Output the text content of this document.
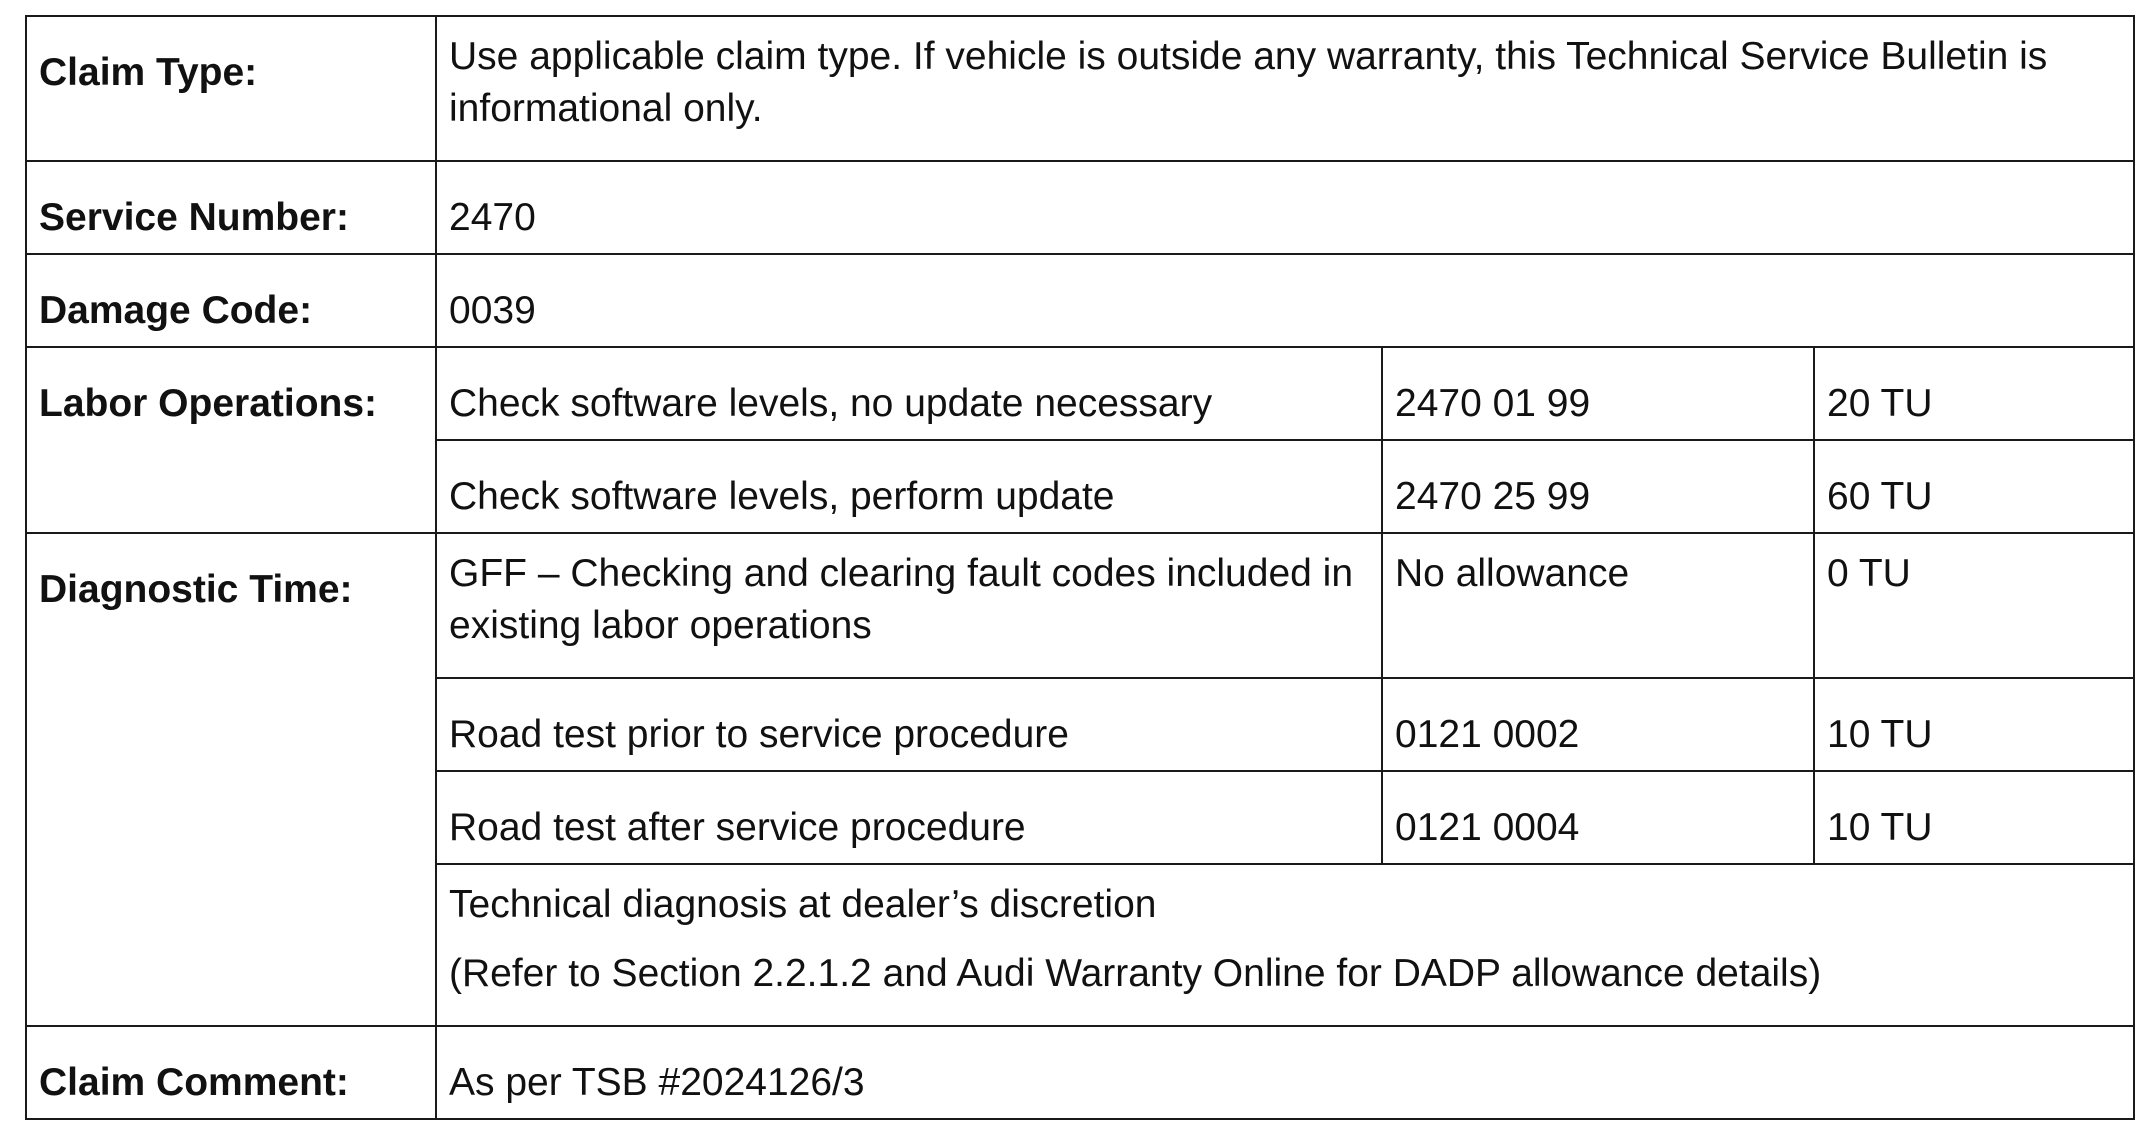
Claim Type:	Use applicable claim type. If vehicle is outside any warranty, this Technical Service Bulletin is informational only.		
Service Number:	2470		
Damage Code:	0039		
Labor Operations:	Check software levels, no update necessary	2470 01 99	20 TU
	Check software levels, perform update	2470 25 99	60 TU
Diagnostic Time:	GFF – Checking and clearing fault codes included in existing labor operations	No allowance	0 TU
	Road test prior to service procedure	0121 0002	10 TU
	Road test after service procedure	0121 0004	10 TU
	Technical diagnosis at dealer’s discretion
(Refer to Section 2.2.1.2 and Audi Warranty Online for DADP allowance details)		

Claim Comment:	As per TSB #2024126/3		
